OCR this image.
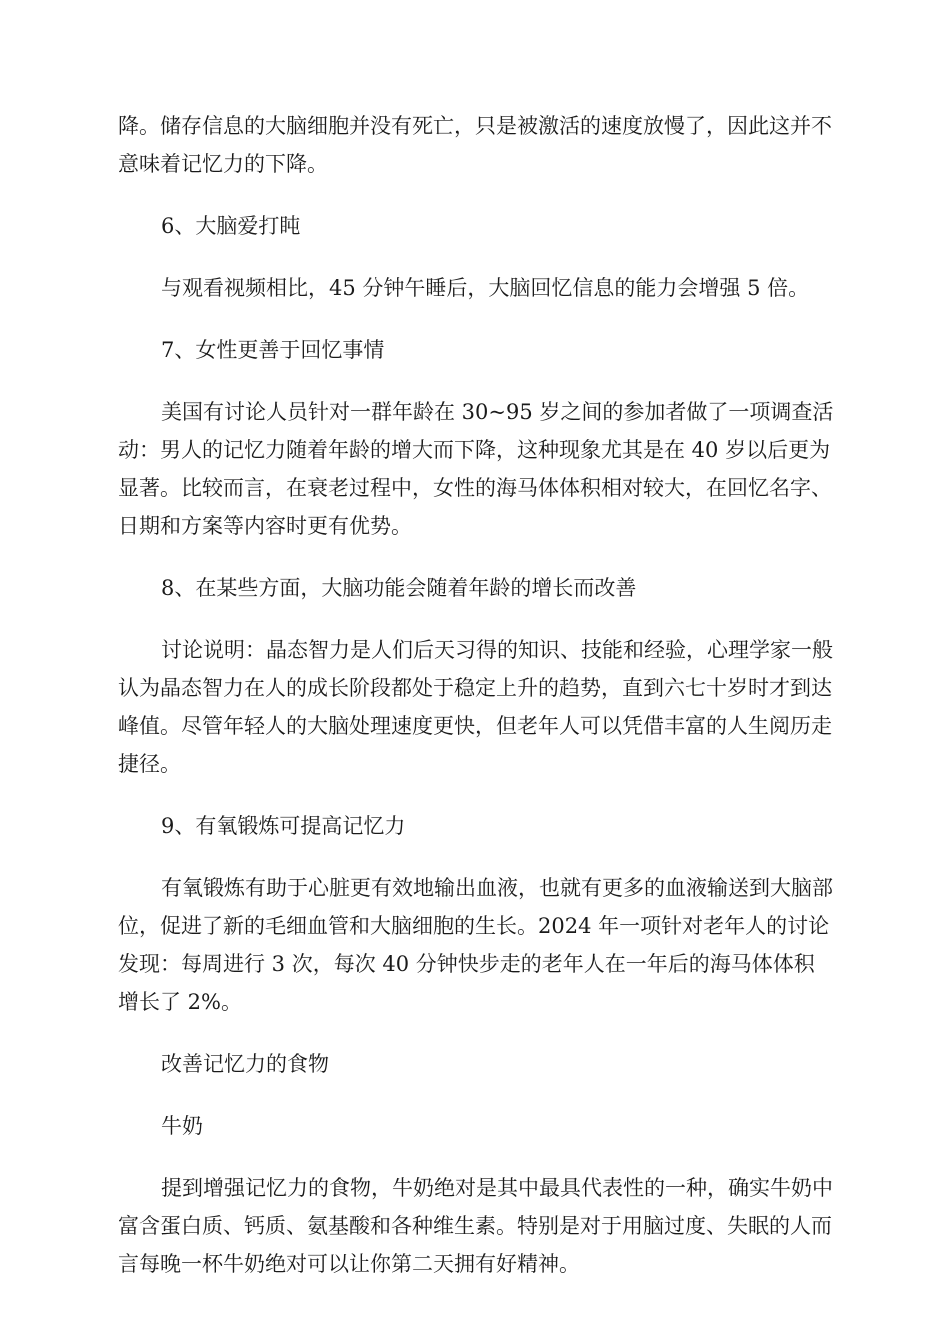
降。储存信息的大脑细胞并没有死亡，只是被激活的速度放慢了，因此这并不意味着记忆力的下降。

6、大脑爱打盹

与观看视频相比，45 分钟午睡后，大脑回忆信息的能力会增强 5 倍。

7、女性更善于回忆事情

美国有讨论人员针对一群年龄在 30~95 岁之间的参加者做了一项调查活动：男人的记忆力随着年龄的增大而下降，这种现象尤其是在 40 岁以后更为显著。比较而言，在衰老过程中，女性的海马体体积相对较大，在回忆名字、日期和方案等内容时更有优势。

8、在某些方面，大脑功能会随着年龄的增长而改善

讨论说明：晶态智力是人们后天习得的知识、技能和经验，心理学家一般认为晶态智力在人的成长阶段都处于稳定上升的趋势，直到六七十岁时才到达峰值。尽管年轻人的大脑处理速度更快，但老年人可以凭借丰富的人生阅历走捷径。

9、有氧锻炼可提高记忆力

有氧锻炼有助于心脏更有效地输出血液，也就有更多的血液输送到大脑部位，促进了新的毛细血管和大脑细胞的生长。2024 年一项针对老年人的讨论发现：每周进行 3 次，每次 40 分钟快步走的老年人在一年后的海马体体积增长了 2%。

改善记忆力的食物

牛奶

提到增强记忆力的食物，牛奶绝对是其中最具代表性的一种，确实牛奶中富含蛋白质、钙质、氨基酸和各种维生素。特别是对于用脑过度、失眠的人而言每晚一杯牛奶绝对可以让你第二天拥有好精神。
